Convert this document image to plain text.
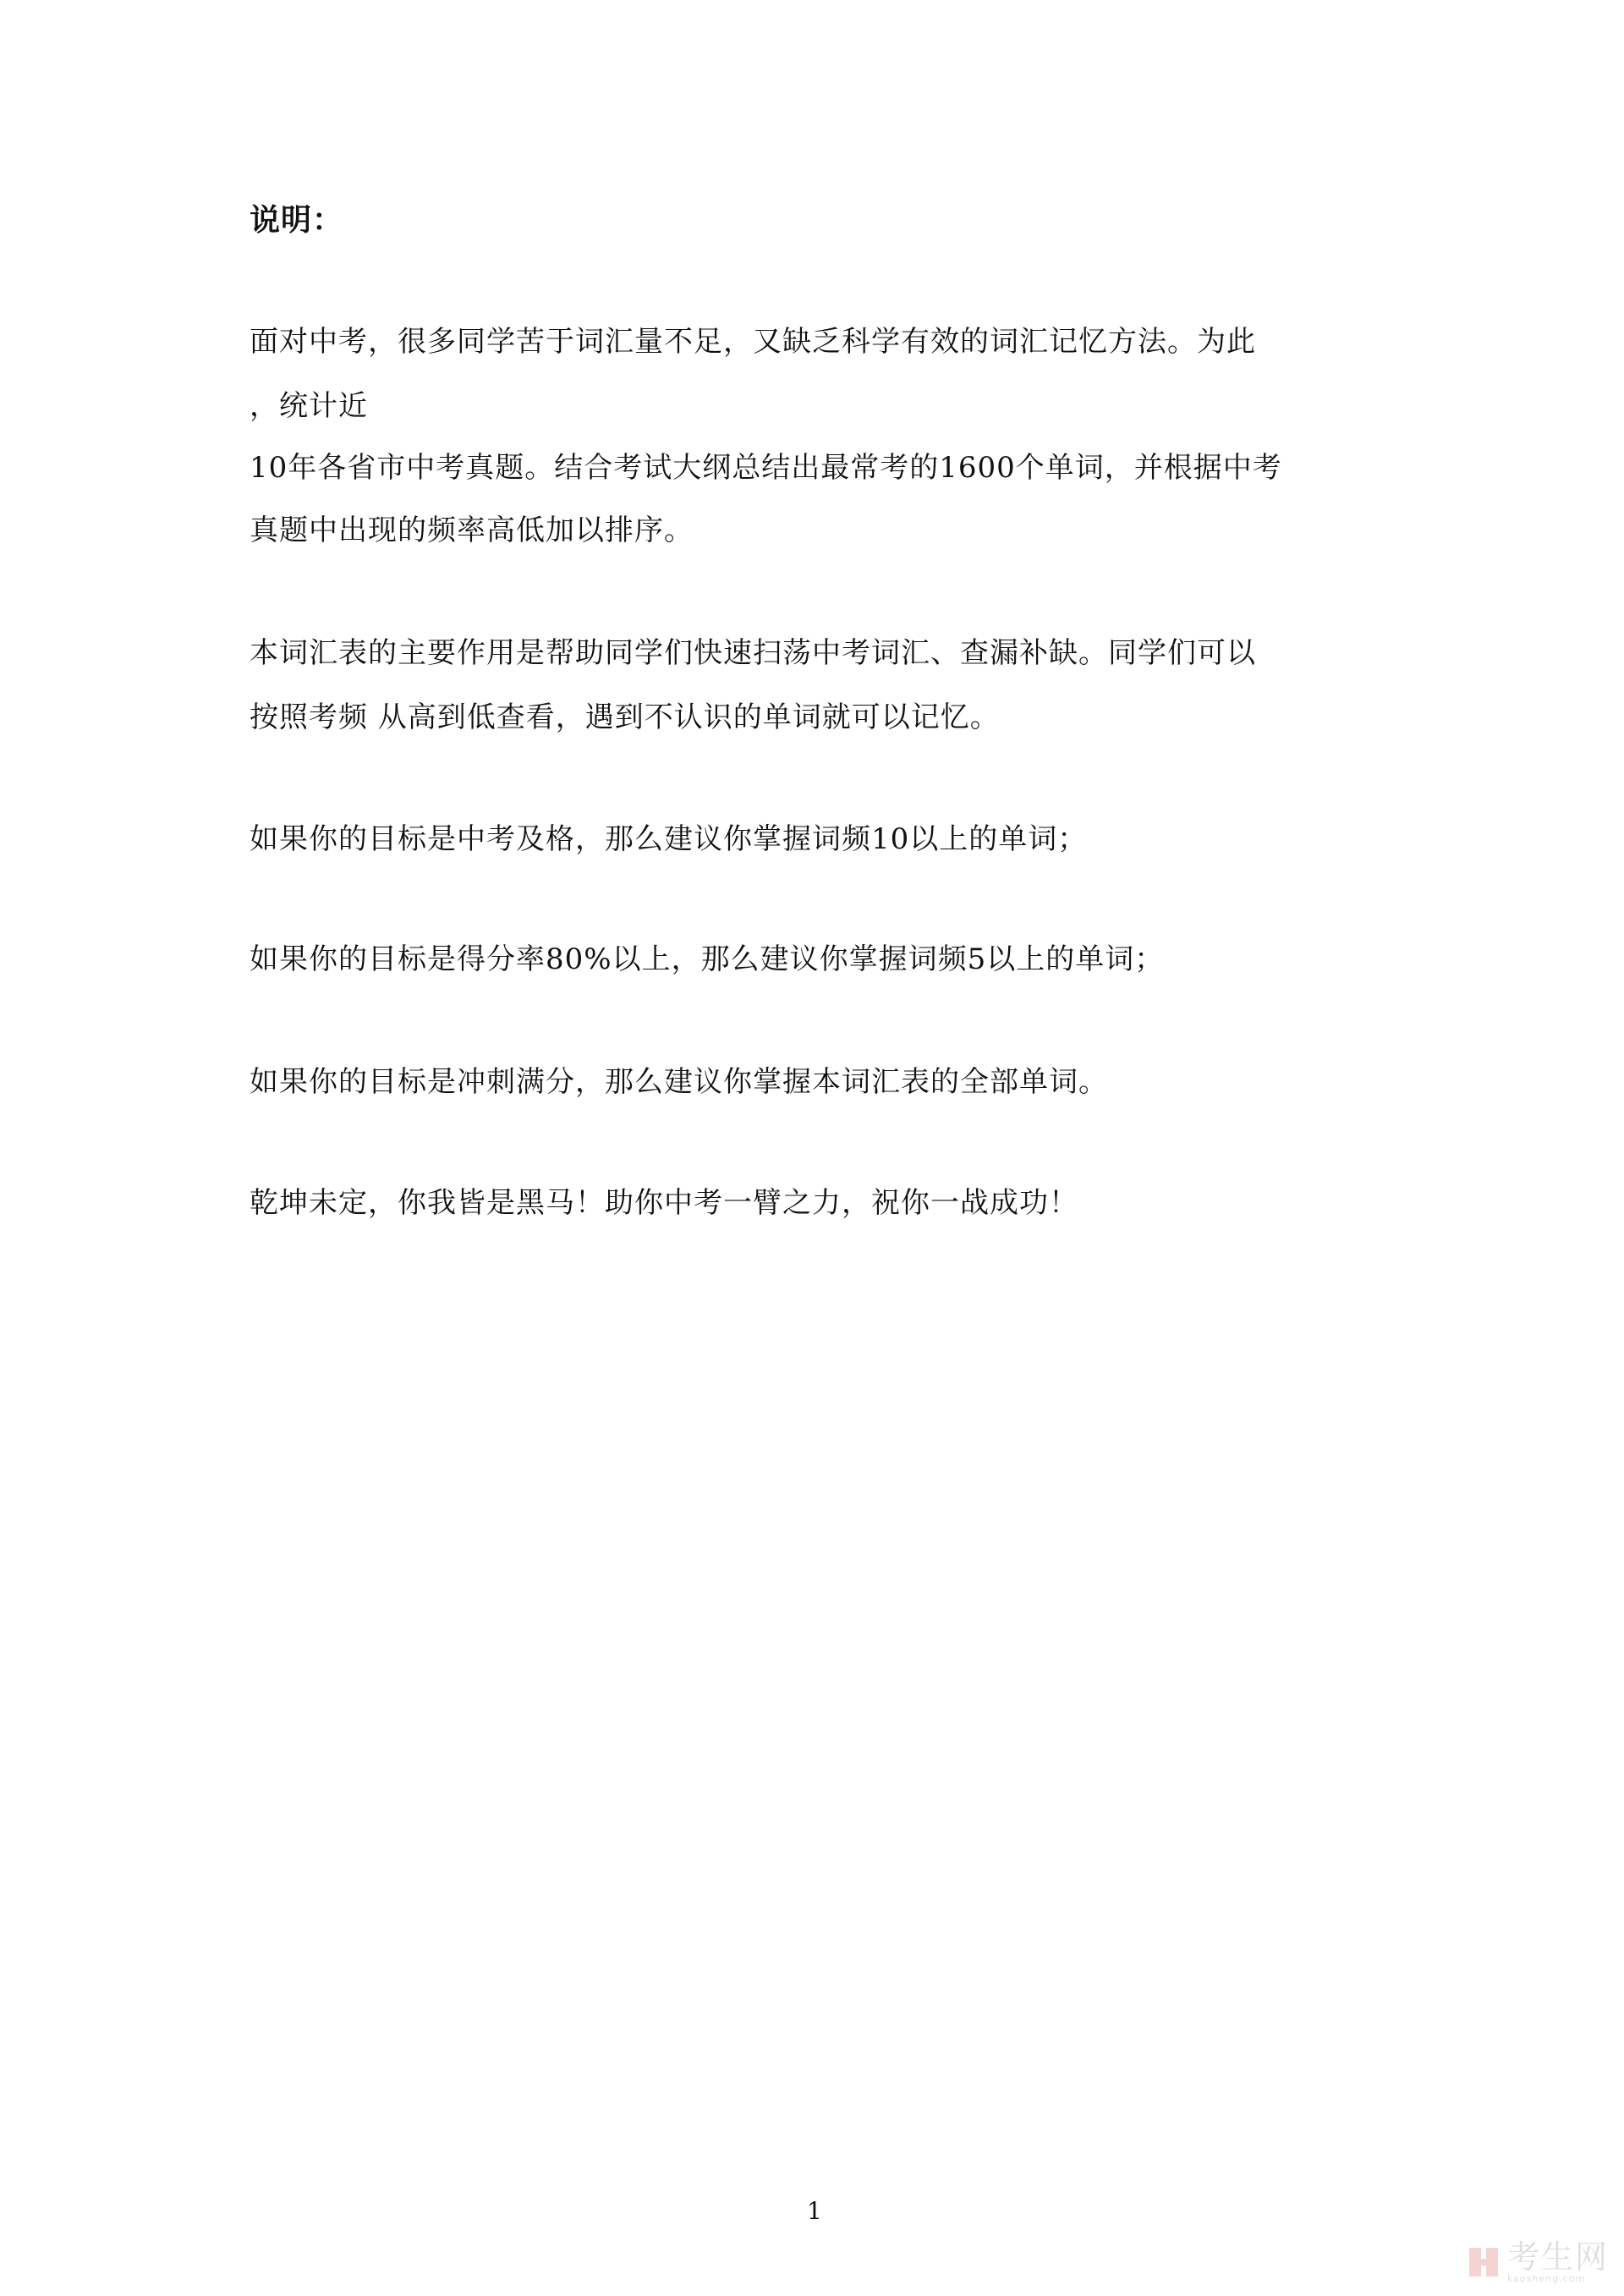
说明：
面对中考，很多同学苦于词汇量不足，又缺乏科学有效的词汇记忆方法。为此
，统计近
10年各省市中考真题。结合考试大纲总结出最常考的1600个单词，并根据中考
真题中出现的频率高低加以排序。
本词汇表的主要作用是帮助同学们快速扫荡中考词汇、查漏补缺。同学们可以
按照考频 从高到低查看，遇到不认识的单词就可以记忆。
如果你的目标是中考及格，那么建议你掌握词频10以上的单词；
如果你的目标是得分率80%以上，那么建议你掌握词频5以上的单词；
如果你的目标是冲刺满分，那么建议你掌握本词汇表的全部单词。
乾坤未定，你我皆是黑马！助你中考一臂之力，祝你一战成功！
1
考生网
kaosheng.com
